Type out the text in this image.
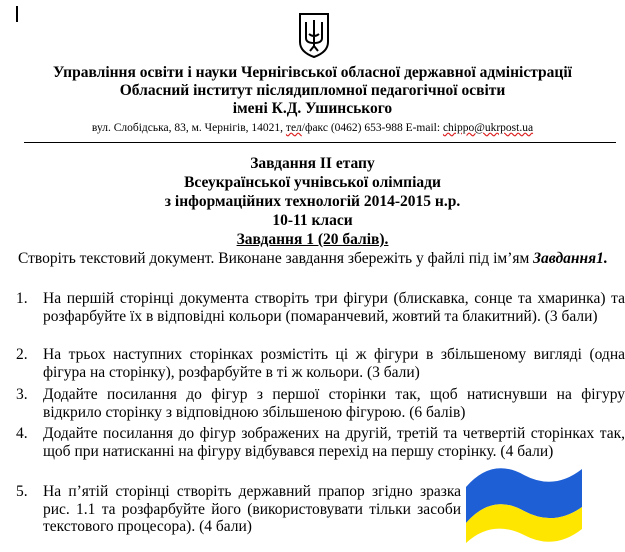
Управління освіти і науки Чернігівської обласної державної адміністрації
Обласний інститут післядипломної педагогічної освіти
імені К.Д. Ушинського
вул. Слобідська, 83, м. Чернігів, 14021, тел/факс (0462) 653-988 E-mail: chippo@ukrpost.ua
Завдання ІІ етапу
Всеукраїнської учнівської олімпіади
з інформаційних технологій 2014-2015 н.р.
10-11 класи
Завдання 1 (20 балів).
Створіть текстовий документ. Виконане завдання збережіть у файлі під ім’ям Завдання1.
1. На першій сторінці документа створіть три фігури (блискавка, сонце та хмаринка) та розфарбуйте їх в відповідні кольори (помаранчевий, жовтий та блакитний). (3 бали)
2. На трьох наступних сторінках розмістіть ці ж фігури в збільшеному вигляді (одна фігура на сторінку), розфарбуйте в ті ж кольори. (3 бали)
3. Додайте посилання до фігур з першої сторінки так, щоб натиснувши на фігуру відкрило сторінку з відповідною збільшеною фігурою. (6 балів)
4. Додайте посилання до фігур зображених на другій, третій та четвертій сторінках так, щоб при натисканні на фігуру відбувався перехід на першу сторінку. (4 бали)
5. На п’ятій сторінці створіть державний прапор згідно зразка рис. 1.1 та розфарбуйте його (використовувати тільки засоби текстового процесора). (4 бали)
